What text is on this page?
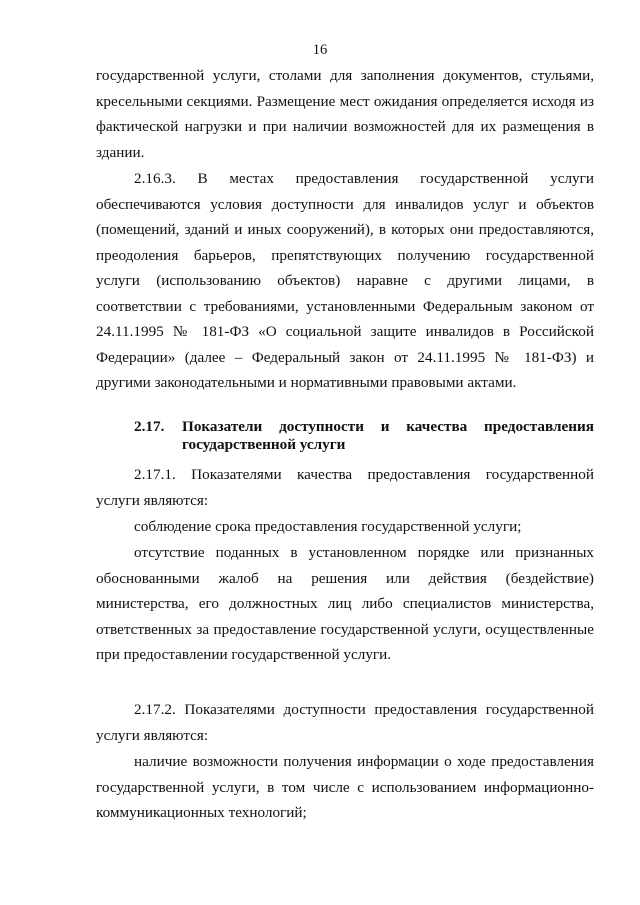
16

государственной услуги, столами для заполнения документов, стульями, кресельными секциями. Размещение мест ожидания определяется исходя из фактической нагрузки и при наличии возможностей для их размещения в здании.

2.16.3. В местах предоставления государственной услуги обеспечиваются условия доступности для инвалидов услуг и объектов (помещений, зданий и иных сооружений), в которых они предоставляются, преодоления барьеров, препятствующих получению государственной услуги (использованию объектов) наравне с другими лицами, в соответствии с требованиями, установленными Федеральным законом от 24.11.1995 № 181-ФЗ «О социальной защите инвалидов в Российской Федерации» (далее – Федеральный закон от 24.11.1995 № 181-ФЗ) и другими законодательными и нормативными правовыми актами.

2.17. Показатели доступности и качества предоставления государственной услуги

2.17.1. Показателями качества предоставления государственной услуги являются:

соблюдение срока предоставления государственной услуги;

отсутствие поданных в установленном порядке или признанных обоснованными жалоб на решения или действия (бездействие) министерства, его должностных лиц либо специалистов министерства, ответственных за предоставление государственной услуги, осуществленные при предоставлении государственной услуги.

2.17.2. Показателями доступности предоставления государственной услуги являются:

наличие возможности получения информации о ходе предоставления государственной услуги, в том числе с использованием информационно-коммуникационных технологий;
